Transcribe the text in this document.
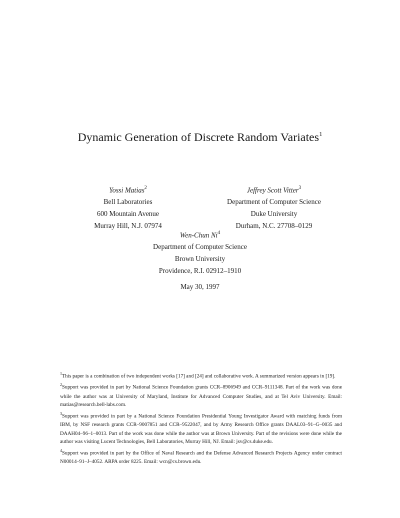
Dynamic Generation of Discrete Random Variates$^1$
Yossi Matias$^2$
Bell Laboratories
600 Mountain Avenue
Murray Hill, N.J. 07974
Jeffrey Scott Vitter$^3$
Department of Computer Science
Duke University
Durham, N.C. 27708–0129
Wen-Chun Ni$^4$
Department of Computer Science
Brown University
Providence, R.I. 02912–1910
May 30, 1997

$^1$This paper is a combination of two independent works [17] and [24] and collaborative work. A summarized version appears in [19].

$^2$Support was provided in part by National Science Foundation grants CCR–8906949 and CCR–9111348. Part of the work was done while the author was at University of Maryland, Institute for Advanced Computer Studies, and at Tel Aviv University. Email: matias@research.bell-labs.com.

$^3$Support was provided in part by a National Science Foundation Presidential Young Investigator Award with matching funds from IBM, by NSF research grants CCR–9007851 and CCR–9522047, and by Army Research Office grants DAAL03–91–G–0035 and DAAH04–96–1–0013. Part of the work was done while the author was at Brown University. Part of the revisions were done while the author was visiting Lucent Technologies, Bell Laboratories, Murray Hill, NJ. Email: jsv@cs.duke.edu.

$^4$Support was provided in part by the Office of Naval Research and the Defense Advanced Research Projects Agency under contract N00014–91–J–4052. ARPA order 8225. Email: wcn@cs.brown.edu.
